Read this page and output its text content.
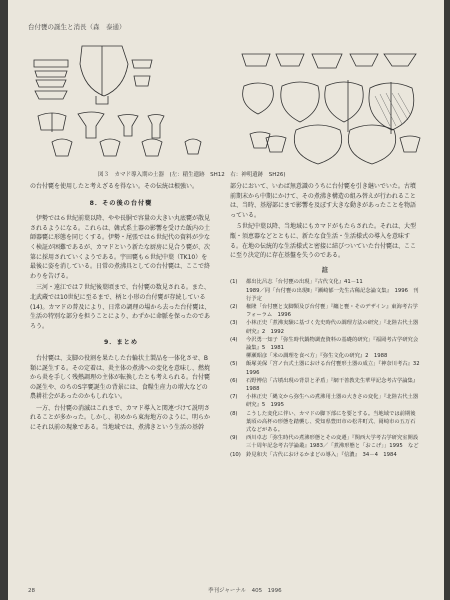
台付甕の誕生と消長（森　泰通）
図３　カマド導入期の土器　(左：稲生遺跡　SH12　右：神明遺跡　SH26)

の台付甕を使用したと考えざるを得ない。その伝統は根強い。

8．その後の台付甕

伊勢では６世紀前葉以降、やや長胴で容量の大きい丸底甕が散見されるようになる。これらは、韓式系土器の影響を受けた飯内の土師器甕に形態を同じくする。伊勢・尾張では６世紀代の資料が少なく検証が困難であるが、カマドという新たな厨房に見合う甕が、次第に採用されていくようである。宇田甕も６世紀中葉（TK10）を最後に姿を消している。日常の煮沸具としての台付甕は、ここで終わりを告げる。

三河・遠江では７世紀後葉頃まで、台付甕の数見される。また、北武蔵では10世紀に至るまで、柄と小形の台付甕が存続している(14)。カマドの普及により、日常の調理の場から去った台付甕は、生活の特別な部分を担うことにより、わずかに命脈を保ったのであろう。

9．まとめ

台付甕は、支脚の役割を果たした台輪状土製品を一体化させ、B類に誕生する。その定着は、炎主体の煮沸への変化を意味し、燃焼から炎を手しく残熱調理の主体が転換したとも考えられる。台付甕の誕生や、のちのS字甕誕生の背景には、食糧生産力の増大などの農耕社会があったのかもしれない。

一方、台付甕の消滅はこれまで、カマド導入と関連づけて説明されることが多かった。しかし、初めから東海地方のように、明らかにそれ以前の現象である。当地域では、煮沸きという生活の基幹

部分において、いわば無意識のうちに台付甕を引き継いでいた。古墳前期末から中期にかけて、その煮沸き構造の組み替えが行われることは、当時、基層部にまで影響を及ぼす大きな動きがあったことを物語っている。

５世紀中葉以降、当地域にもカマドがもたらされた。それは、大型甑・須恵器などとともに、新たな食生活・生活様式の導入を意味する。在地の伝統的な生活様式と密接に結びついていた台付甕は、ここに至り決定的に存在基盤を失うのである。

註
(1)	都出比呂志「台付甕の出現」『古代文化』41－11
1989／同「台付甕の出現Ⅱ」『瀬崎郁一先生古稀記念論文集』　1996　刊行予定
(2)	権隆「台付甕と支脚類及び台付甕」『纏と甕・そのデザイン』東海考古学フォーラム　1996
(3)	小林正史「煮沸実験に基づく先史時代の調理方法の研究」『北陸古代土器研究』2　1992
(4)	今沢勇一知子「弥生時代鍋物調査資料の基礎的研究」『福岡考古学研究会論集』5　1981
柳瀬昭彦「米の調理を食べ方」『弥生文化の研究』2　1988
(5)	飯塚美保「宮ノ台式土器における台付甕形土器の成立」『神奈川考古』32　1996
(6)	石野博信「古墳出現の背景と矛盾」『網干善教先生華甲記念考古学論集』1988
(7)	小林正史「縄文から弥生への煮沸用土器の大きさの変化」『北陸古代土器研究』5　1995
(8)	こうした変化に伴い、カマドの脚下部にを要とする。当地域では前期後葉頃の高杯の形態を踏襲し、愛知県豊田市の松井町式、岡崎市の五万石式などがある。
(9)	西川卓志「弥生時代の煮沸形態とその変遷」『関西大学考古学研究室開設三十周年記念考古学論叢』1983／「煮沸形態と「おこげ」」1995　など
(10) 鈴見和夫「古代におけるかまどの導入」『信濃』　34－4　1984
28	季刊ジャーナル　405　1996
